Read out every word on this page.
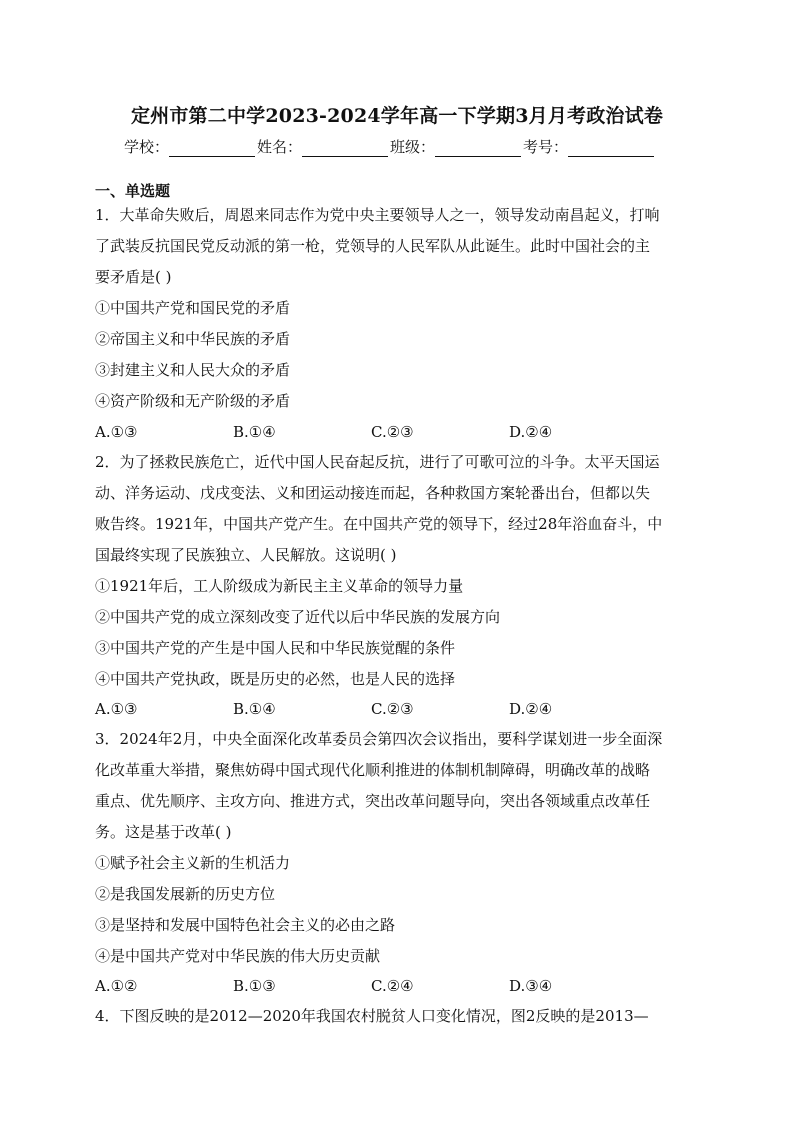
定州市第二中学2023-2024学年高一下学期3月月考政治试卷
学校：	姓名：	班级：	考号：
一、单选题
1．大革命失败后，周恩来同志作为党中央主要领导人之一，领导发动南昌起义，打响
了武装反抗国民党反动派的第一枪，党领导的人民军队从此诞生。此时中国社会的主
要矛盾是( )
①中国共产党和国民党的矛盾
②帝国主义和中华民族的矛盾
③封建主义和人民大众的矛盾
④资产阶级和无产阶级的矛盾
A.①③	B.①④	C.②③	D.②④
2．为了拯救民族危亡，近代中国人民奋起反抗，进行了可歌可泣的斗争。太平天国运
动、洋务运动、戊戌变法、义和团运动接连而起，各种救国方案轮番出台，但都以失
败告终。1921年，中国共产党产生。在中国共产党的领导下，经过28年浴血奋斗，中
国最终实现了民族独立、人民解放。这说明( )
①1921年后，工人阶级成为新民主主义革命的领导力量
②中国共产党的成立深刻改变了近代以后中华民族的发展方向
③中国共产党的产生是中国人民和中华民族觉醒的条件
④中国共产党执政，既是历史的必然，也是人民的选择
A.①③	B.①④	C.②③	D.②④
3．2024年2月，中央全面深化改革委员会第四次会议指出，要科学谋划进一步全面深
化改革重大举措，聚焦妨碍中国式现代化顺利推进的体制机制障碍，明确改革的战略
重点、优先顺序、主攻方向、推进方式，突出改革问题导向，突出各领域重点改革任
务。这是基于改革( )
①赋予社会主义新的生机活力
②是我国发展新的历史方位
③是坚持和发展中国特色社会主义的必由之路
④是中国共产党对中华民族的伟大历史贡献
A.①②	B.①③	C.②④	D.③④
4．下图反映的是2012—2020年我国农村脱贫人口变化情况，图2反映的是2013—
